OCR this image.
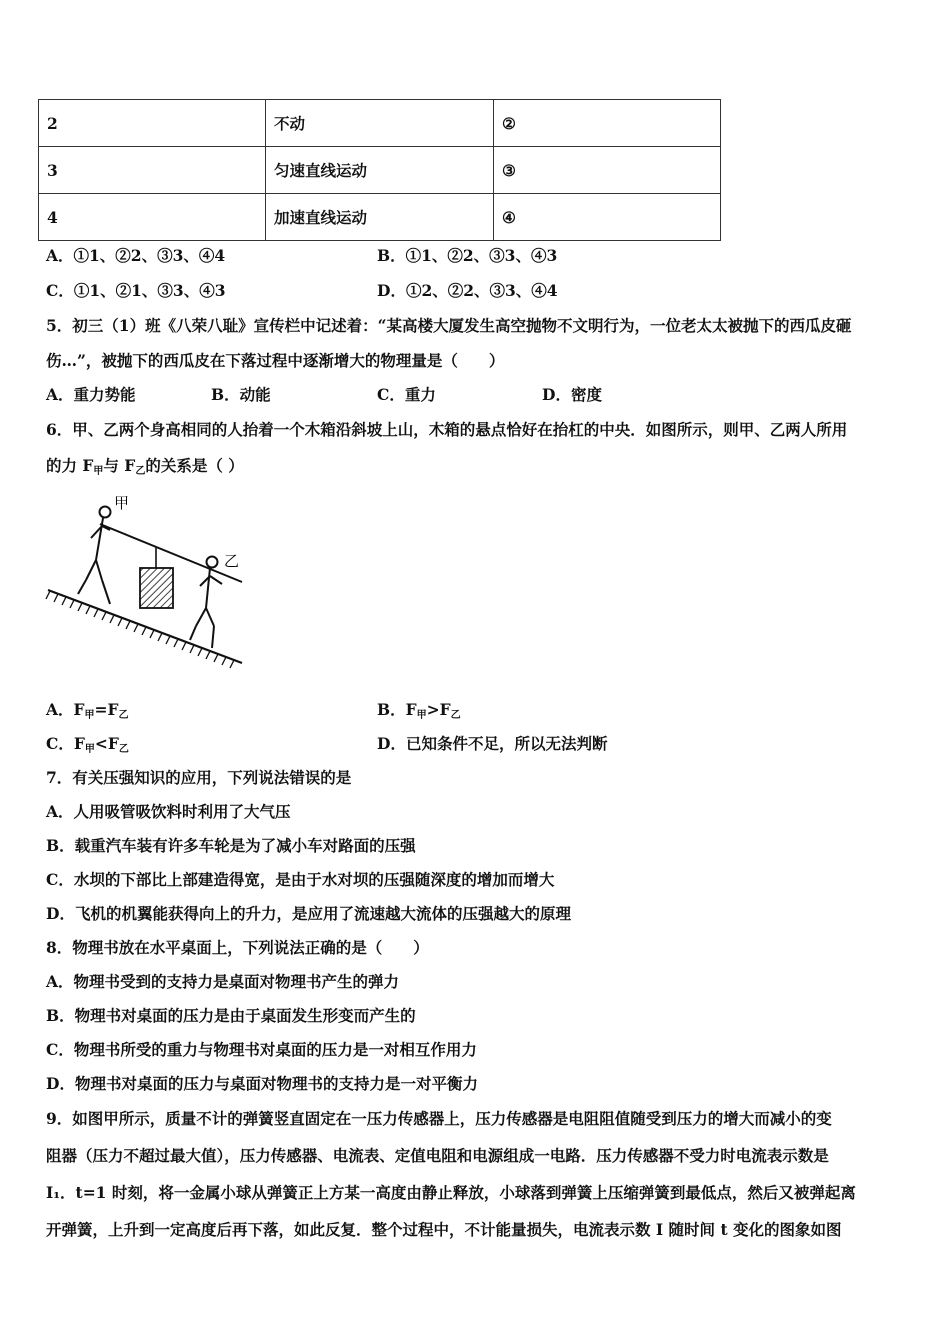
2	不动	②
3	匀速直线运动	③
4	加速直线运动	④
A．①1、②2、③3、④4	B．①1、②2、③3、④3
C．①1、②1、③3、④3	D．①2、②2、③3、④4
5．初三（1）班《八荣八耻》宣传栏中记述着：“某高楼大厦发生高空抛物不文明行为，一位老太太被抛下的西瓜皮砸
伤…”，被抛下的西瓜皮在下落过程中逐渐增大的物理量是（　　）
A．重力势能	B．动能	C．重力	D．密度
6．甲、乙两个身高相同的人抬着一个木箱沿斜坡上山，木箱的悬点恰好在抬杠的中央．如图所示，则甲、乙两人所用
的力 F甲与 F乙的关系是（ ）
甲
乙
A．F甲=F乙	B．F甲>F乙
C．F甲<F乙	D．已知条件不足，所以无法判断
7．有关压强知识的应用，下列说法错误的是
A．人用吸管吸饮料时利用了大气压
B．载重汽车装有许多车轮是为了减小车对路面的压强
C．水坝的下部比上部建造得宽，是由于水对坝的压强随深度的增加而增大
D．飞机的机翼能获得向上的升力，是应用了流速越大流体的压强越大的原理
8．物理书放在水平桌面上，下列说法正确的是（　　）
A．物理书受到的支持力是桌面对物理书产生的弹力
B．物理书对桌面的压力是由于桌面发生形变而产生的
C．物理书所受的重力与物理书对桌面的压力是一对相互作用力
D．物理书对桌面的压力与桌面对物理书的支持力是一对平衡力
9．如图甲所示，质量不计的弹簧竖直固定在一压力传感器上，压力传感器是电阻阻值随受到压力的增大而减小的变
阻器（压力不超过最大值），压力传感器、电流表、定值电阻和电源组成一电路．压力传感器不受力时电流表示数是
I₁．t=1 时刻，将一金属小球从弹簧正上方某一高度由静止释放，小球落到弹簧上压缩弹簧到最低点，然后又被弹起离
开弹簧，上升到一定高度后再下落，如此反复．整个过程中，不计能量损失，电流表示数 I 随时间 t 变化的图象如图
